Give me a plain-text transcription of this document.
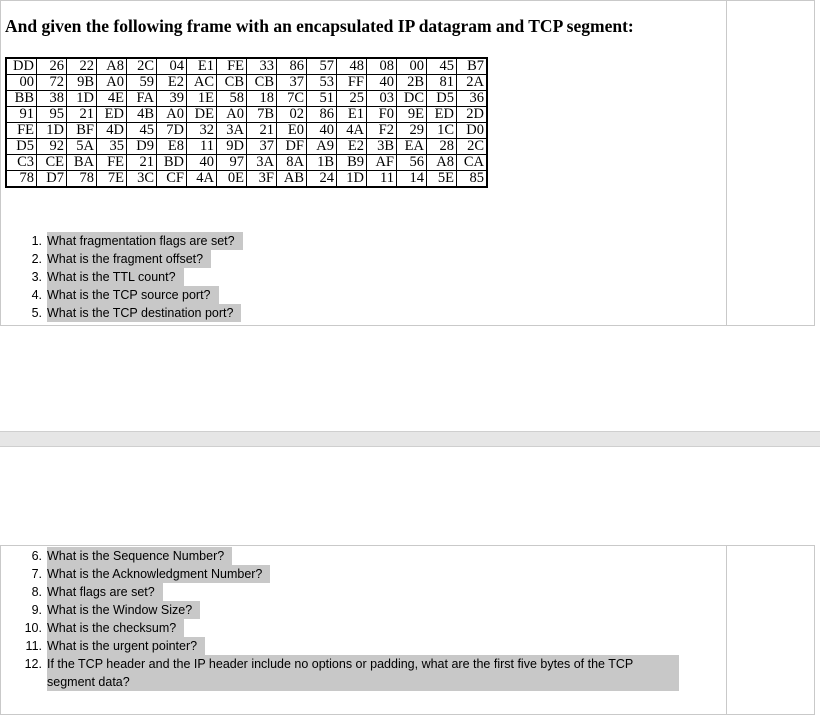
And given the following frame with an encapsulated IP datagram and TCP segment:
DD	26	22	A8	2C	04	E1	FE	33	86	57	48	08	00	45	B7
00	72	9B	A0	59	E2	AC	CB	CB	37	53	FF	40	2B	81	2A
BB	38	1D	4E	FA	39	1E	58	18	7C	51	25	03	DC	D5	36
91	95	21	ED	4B	A0	DE	A0	7B	02	86	E1	F0	9E	ED	2D
FE	1D	BF	4D	45	7D	32	3A	21	E0	40	4A	F2	29	1C	D0
D5	92	5A	35	D9	E8	11	9D	37	DF	A9	E2	3B	EA	28	2C
C3	CE	BA	FE	21	BD	40	97	3A	8A	1B	B9	AF	56	A8	CA
78	D7	78	7E	3C	CF	4A	0E	3F	AB	24	1D	11	14	5E	85
1. What fragmentation flags are set?
2. What is the fragment offset?
3. What is the TTL count?
4. What is the TCP source port?
5. What is the TCP destination port?
6. What is the Sequence Number?
7. What is the Acknowledgment Number?
8. What flags are set?
9. What is the Window Size?
10. What is the checksum?
11. What is the urgent pointer?
12. If the TCP header and the IP header include no options or padding, what are the first five bytes of the TCP segment data?
